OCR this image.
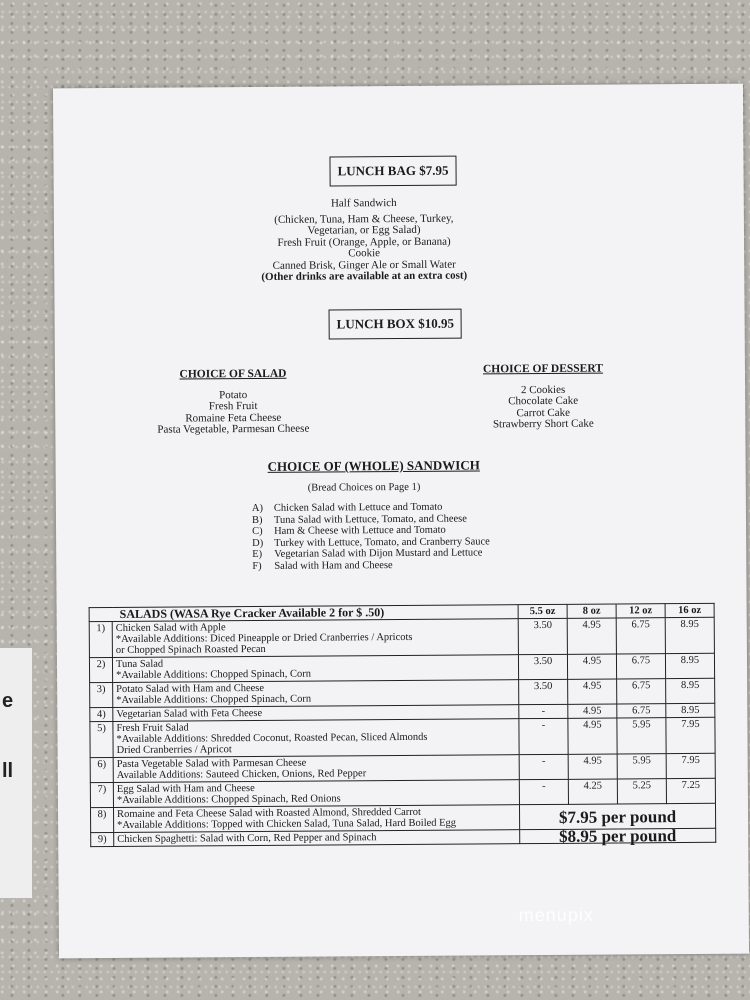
e
ll
LUNCH BAG $7.95
Half Sandwich
(Chicken, Tuna, Ham & Cheese, Turkey,
Vegetarian, or Egg Salad)
Fresh Fruit (Orange, Apple, or Banana)
Cookie
Canned Brisk, Ginger Ale or Small Water
(Other drinks are available at an extra cost)
LUNCH BOX $10.95
CHOICE OF SALAD
Potato
Fresh Fruit
Romaine Feta Cheese
Pasta Vegetable, Parmesan Cheese
CHOICE OF DESSERT
2 Cookies
Chocolate Cake
Carrot Cake
Strawberry Short Cake
CHOICE OF (WHOLE) SANDWICH
(Bread Choices on Page 1)
A)	Chicken Salad with Lettuce and Tomato
B)	Tuna Salad with Lettuce, Tomato, and Cheese
C)	Ham & Cheese with Lettuce and Tomato
D)	Turkey with Lettuce, Tomato, and Cranberry Sauce
E)	Vegetarian Salad with Dijon Mustard and Lettuce
F)	Salad with Ham and Cheese
SALADS (WASA Rye Cracker Available 2 for $ .50)		5.5 oz	8 oz	12 oz	16 oz
1)	Chicken Salad with Apple
*Available Additions: Diced Pineapple or Dried Cranberries / Apricots
or Chopped Spinach Roasted Pecan	3.50	4.95	6.75	8.95
2)	Tuna Salad
*Available Additions: Chopped Spinach, Corn	3.50	4.95	6.75	8.95
3)	Potato Salad with Ham and Cheese
*Available Additions: Chopped Spinach, Corn	3.50	4.95	6.75	8.95
4)	Vegetarian Salad with Feta Cheese	-	4.95	6.75	8.95
5)	Fresh Fruit Salad
*Available Additions: Shredded Coconut, Roasted Pecan, Sliced Almonds
Dried Cranberries / Apricot	-	4.95	5.95	7.95
6)	Pasta Vegetable Salad with Parmesan Cheese
Available Additions: Sauteed Chicken, Onions, Red Pepper	-	4.95	5.95	7.95
7)	Egg Salad with Ham and Cheese
*Available Additions: Chopped Spinach, Red Onions	-	4.25	5.25	7.25
8)	Romaine and Feta Cheese Salad with Roasted Almond, Shredded Carrot
*Available Additions: Topped with Chicken Salad, Tuna Salad, Hard Boiled Egg	$7.95 per pound			
9)	Chicken Spaghetti: Salad with Corn, Red Pepper and Spinach	$8.95 per pound			
menupix
